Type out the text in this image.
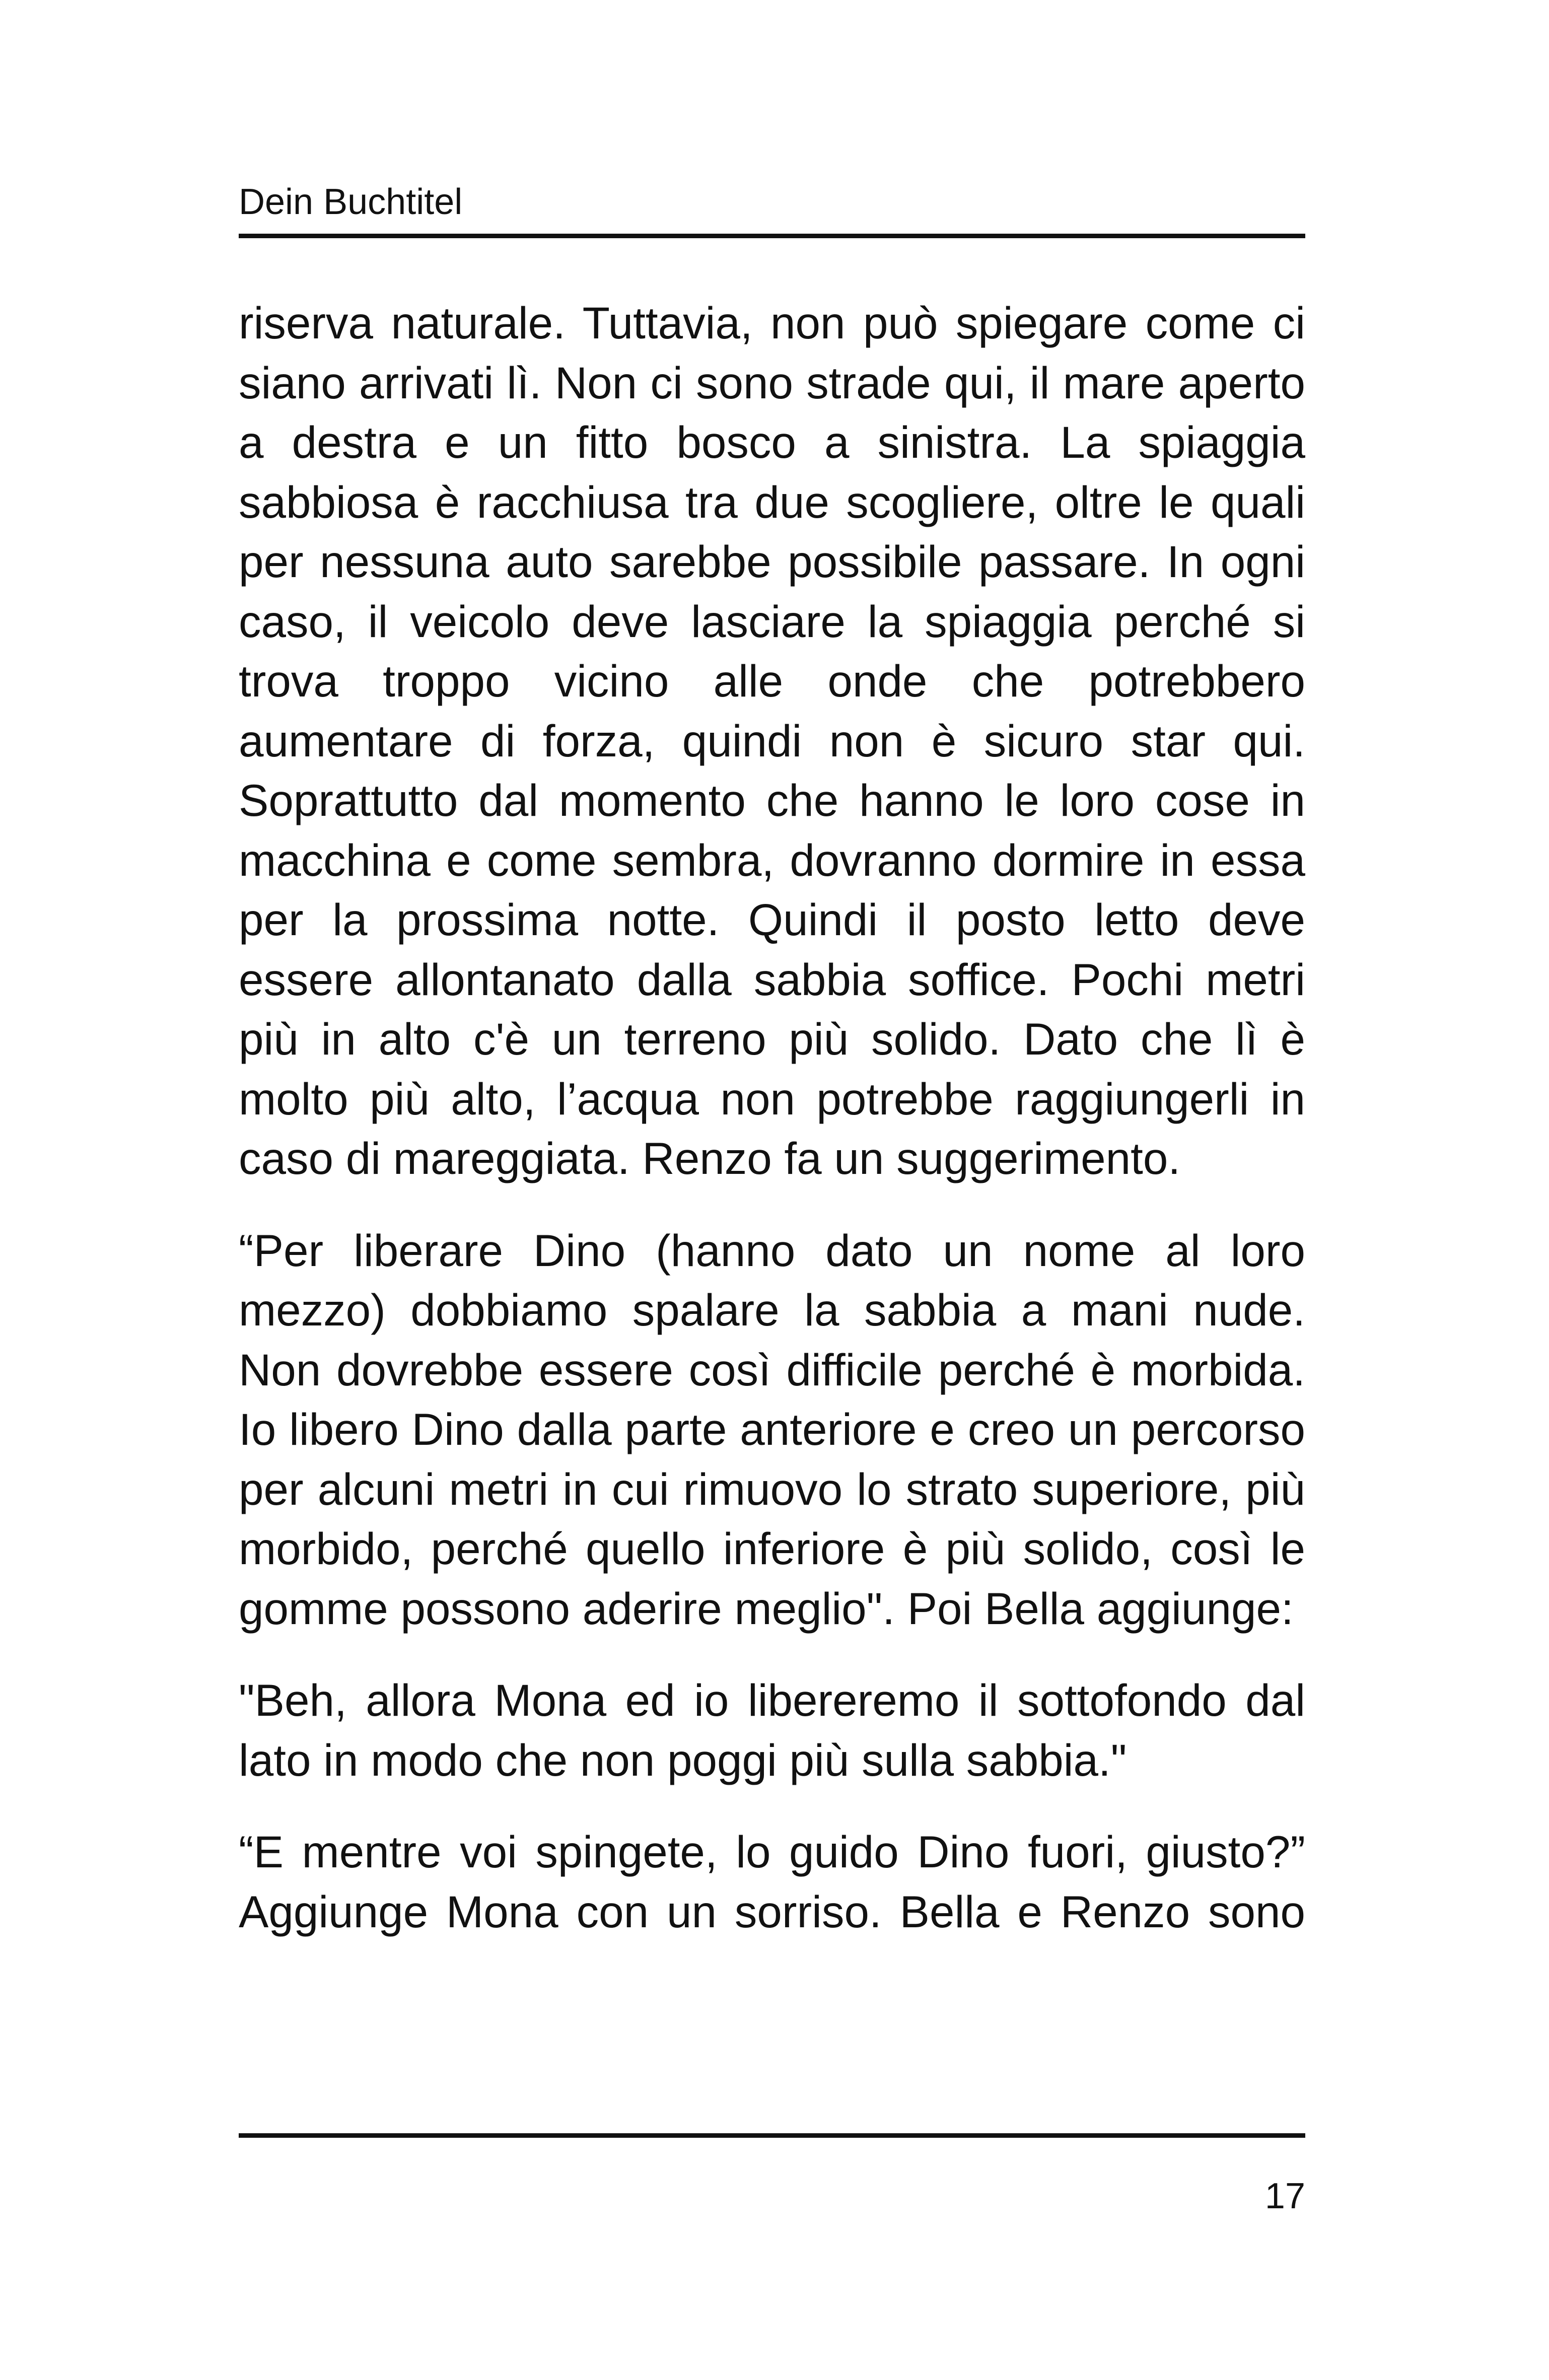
Dein Buchtitel

riserva naturale. Tuttavia, non può spiegare come ci siano arrivati lì. Non ci sono strade qui, il mare aperto a destra e un fitto bosco a sinistra. La spiaggia sabbiosa è racchiusa tra due scogliere, oltre le quali per nessuna auto sarebbe possibile passare. In ogni caso, il veicolo deve lasciare la spiaggia perché si trova troppo vicino alle onde che potrebbero aumentare di forza, quindi non è sicuro star qui. Soprattutto dal momento che hanno le loro cose in macchina e come sembra, dovranno dormire in essa per la prossima notte. Quindi il posto letto deve essere allontanato dalla sabbia soffice. Pochi metri più in alto c'è un terreno più solido. Dato che lì è molto più alto, l’acqua non potrebbe raggiungerli in caso di mareggiata. Renzo fa un suggerimento.

“Per liberare Dino (hanno dato un nome al loro mezzo) dobbiamo spalare la sabbia a mani nude. Non dovrebbe essere così difficile perché è morbida. Io libero Dino dalla parte anteriore e creo un percorso per alcuni metri in cui rimuovo lo strato superiore, più morbido, perché quello inferiore è più solido, così le gomme possono aderire meglio". Poi Bella aggiunge:

"Beh, allora Mona ed io libereremo il sottofondo dal lato in modo che non poggi più sulla sabbia."

“E mentre voi spingete, lo guido Dino fuori, giusto?” Aggiunge Mona con un sorriso. Bella e Renzo sono

17
